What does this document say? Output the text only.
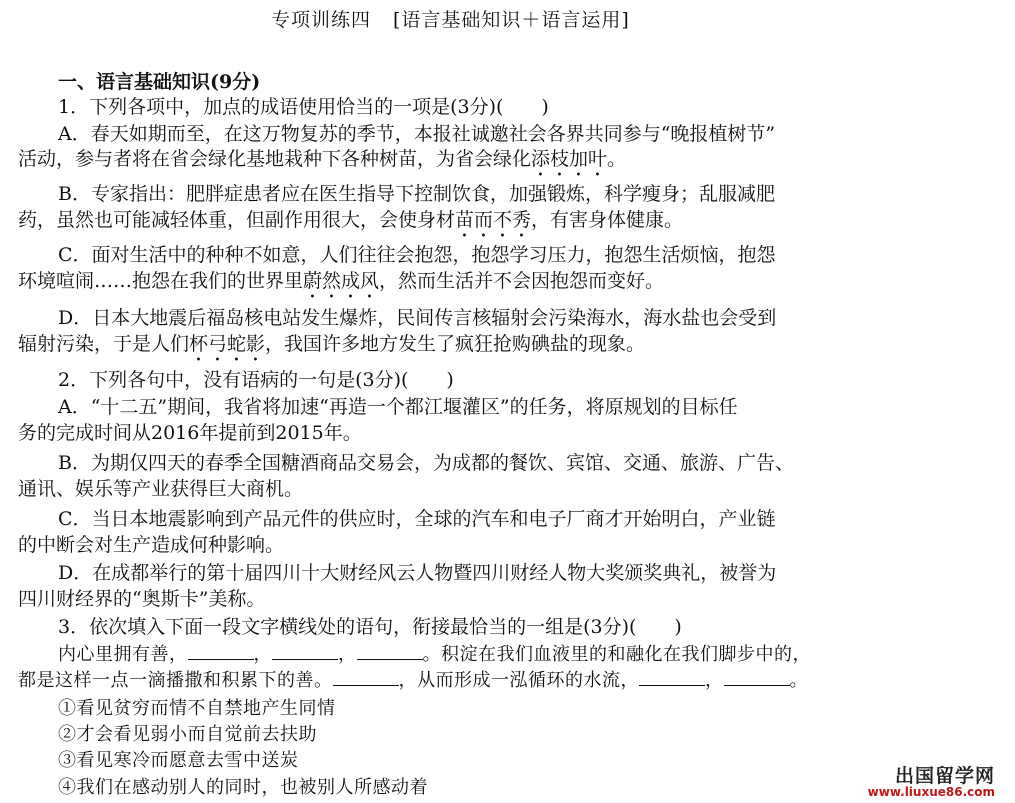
专项训练四 [语言基础知识＋语言运用]
一、语言基础知识(9分)
1．下列各项中，加点的成语使用恰当的一项是(3分)(　　)
A．春天如期而至，在这万物复苏的季节，本报社诚邀社会各界共同参与“晚报植树节”
活动，参与者将在省会绿化基地栽种下各种树苗，为省会绿化添枝加叶。
B．专家指出：肥胖症患者应在医生指导下控制饮食，加强锻炼，科学瘦身；乱服减肥
药，虽然也可能减轻体重，但副作用很大，会使身材苗而不秀，有害身体健康。
C．面对生活中的种种不如意，人们往往会抱怨，抱怨学习压力，抱怨生活烦恼，抱怨
环境喧闹……抱怨在我们的世界里蔚然成风，然而生活并不会因抱怨而变好。
D．日本大地震后福岛核电站发生爆炸，民间传言核辐射会污染海水，海水盐也会受到
辐射污染，于是人们杯弓蛇影，我国许多地方发生了疯狂抢购碘盐的现象。
2．下列各句中，没有语病的一句是(3分)(　　)
A．“十二五”期间，我省将加速“再造一个都江堰灌区”的任务，将原规划的目标任
务的完成时间从2016年提前到2015年。
B．为期仅四天的春季全国糖酒商品交易会，为成都的餐饮、宾馆、交通、旅游、广告、
通讯、娱乐等产业获得巨大商机。
C．当日本地震影响到产品元件的供应时，全球的汽车和电子厂商才开始明白，产业链
的中断会对生产造成何种影响。
D．在成都举行的第十届四川十大财经风云人物暨四川财经人物大奖颁奖典礼，被誉为
四川财经界的“奥斯卡”美称。
3．依次填入下面一段文字横线处的语句，衔接最恰当的一组是(3分)(　　)
内心里拥有善，	，	，	。积淀在我们血液里的和融化在我们脚步中的，
都是这样一点一滴播撒和积累下的善。	，从而形成一泓循环的水流，	，	。
①看见贫穷而情不自禁地产生同情
②才会看见弱小而自觉前去扶助
③看见寒冷而愿意去雪中送炭
④我们在感动别人的同时，也被别人所感动着
出国留学网
www.liuxue86.com
